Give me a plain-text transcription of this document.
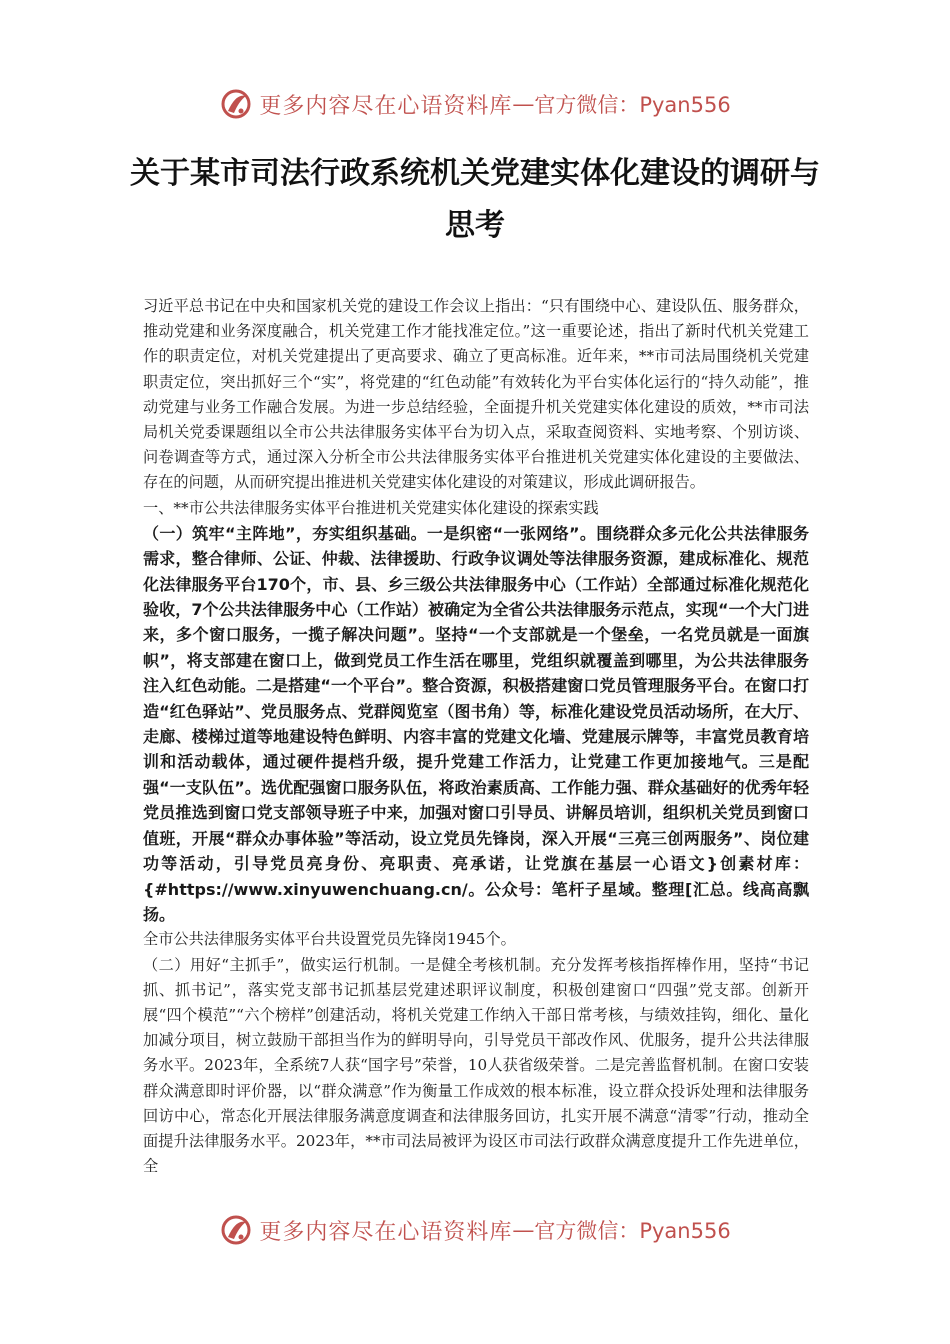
更多内容尽在心语资料库 — 官方微信：Pyan556
关于某市司法行政系统机关党建实体化建设的调研与思考

习近平总书记在中央和国家机关党的建设工作会议上指出：“只有围绕中心、建设队伍、服务群众，推动党建和业务深度融合，机关党建工作才能找准定位。”这一重要论述，指出了新时代机关党建工作的职责定位，对机关党建提出了更高要求、确立了更高标准。近年来，**市司法局围绕机关党建职责定位，突出抓好三个“实”，将党建的“红色动能”有效转化为平台实体化运行的“持久动能”，推动党建与业务工作融合发展。为进一步总结经验，全面提升机关党建实体化建设的质效，**市司法局机关党委课题组以全市公共法律服务实体平台为切入点，采取查阅资料、实地考察、个别访谈、问卷调查等方式，通过深入分析全市公共法律服务实体平台推进机关党建实体化建设的主要做法、存在的问题，从而研究提出推进机关党建实体化建设的对策建议，形成此调研报告。

一、**市公共法律服务实体平台推进机关党建实体化建设的探索实践

（一）筑牢“主阵地”，夯实组织基础。一是织密“一张网络”。围绕群众多元化公共法律服务需求，整合律师、公证、仲裁、法律援助、行政争议调处等法律服务资源，建成标准化、规范化法律服务平台170个，市、县、乡三级公共法律服务中心（工作站）全部通过标准化规范化验收，7个公共法律服务中心（工作站）被确定为全省公共法律服务示范点，实现“一个大门进来，多个窗口服务，一揽子解决问题”。坚持“一个支部就是一个堡垒，一名党员就是一面旗帜”，将支部建在窗口上，做到党员工作生活在哪里，党组织就覆盖到哪里，为公共法律服务注入红色动能。二是搭建“一个平台”。整合资源，积极搭建窗口党员管理服务平台。在窗口打造“红色驿站”、党员服务点、党群阅览室（图书角）等，标准化建设党员活动场所，在大厅、走廊、楼梯过道等地建设特色鲜明、内容丰富的党建文化墙、党建展示牌等，丰富党员教育培训和活动载体，通过硬件提档升级，提升党建工作活力，让党建工作更加接地气。三是配强“一支队伍”。选优配强窗口服务队伍，将政治素质高、工作能力强、群众基础好的优秀年轻党员推选到窗口党支部领导班子中来，加强对窗口引导员、讲解员培训，组织机关党员到窗口值班，开展“群众办事体验”等活动，设立党员先锋岗，深入开展“三亮三创两服务”、岗位建功等活动，引导党员亮身份、亮职责、亮承诺，让党旗在基层一心语文}创素材库：{#https://www.xinyuwenchuang.cn/。公众号：笔杆子星域。整理[汇总。线高高飘扬。

全市公共法律服务实体平台共设置党员先锋岗1945个。

（二）用好“主抓手”，做实运行机制。一是健全考核机制。充分发挥考核指挥棒作用，坚持“书记抓、抓书记”，落实党支部书记抓基层党建述职评议制度，积极创建窗口“四强”党支部。创新开展“四个模范”“六个榜样”创建活动，将机关党建工作纳入干部日常考核，与绩效挂钩，细化、量化加减分项目，树立鼓励干部担当作为的鲜明导向，引导党员干部改作风、优服务，提升公共法律服务水平。2023年，全系统7人获“国字号”荣誉，10人获省级荣誉。二是完善监督机制。在窗口安装群众满意即时评价器，以“群众满意”作为衡量工作成效的根本标准，设立群众投诉处理和法律服务回访中心，常态化开展法律服务满意度调查和法律服务回访，扎实开展不满意“清零”行动，推动全面提升法律服务水平。2023年，**市司法局被评为设区市司法行政群众满意度提升工作先进单位，全

更多内容尽在心语资料库 — 官方微信：Pyan556
